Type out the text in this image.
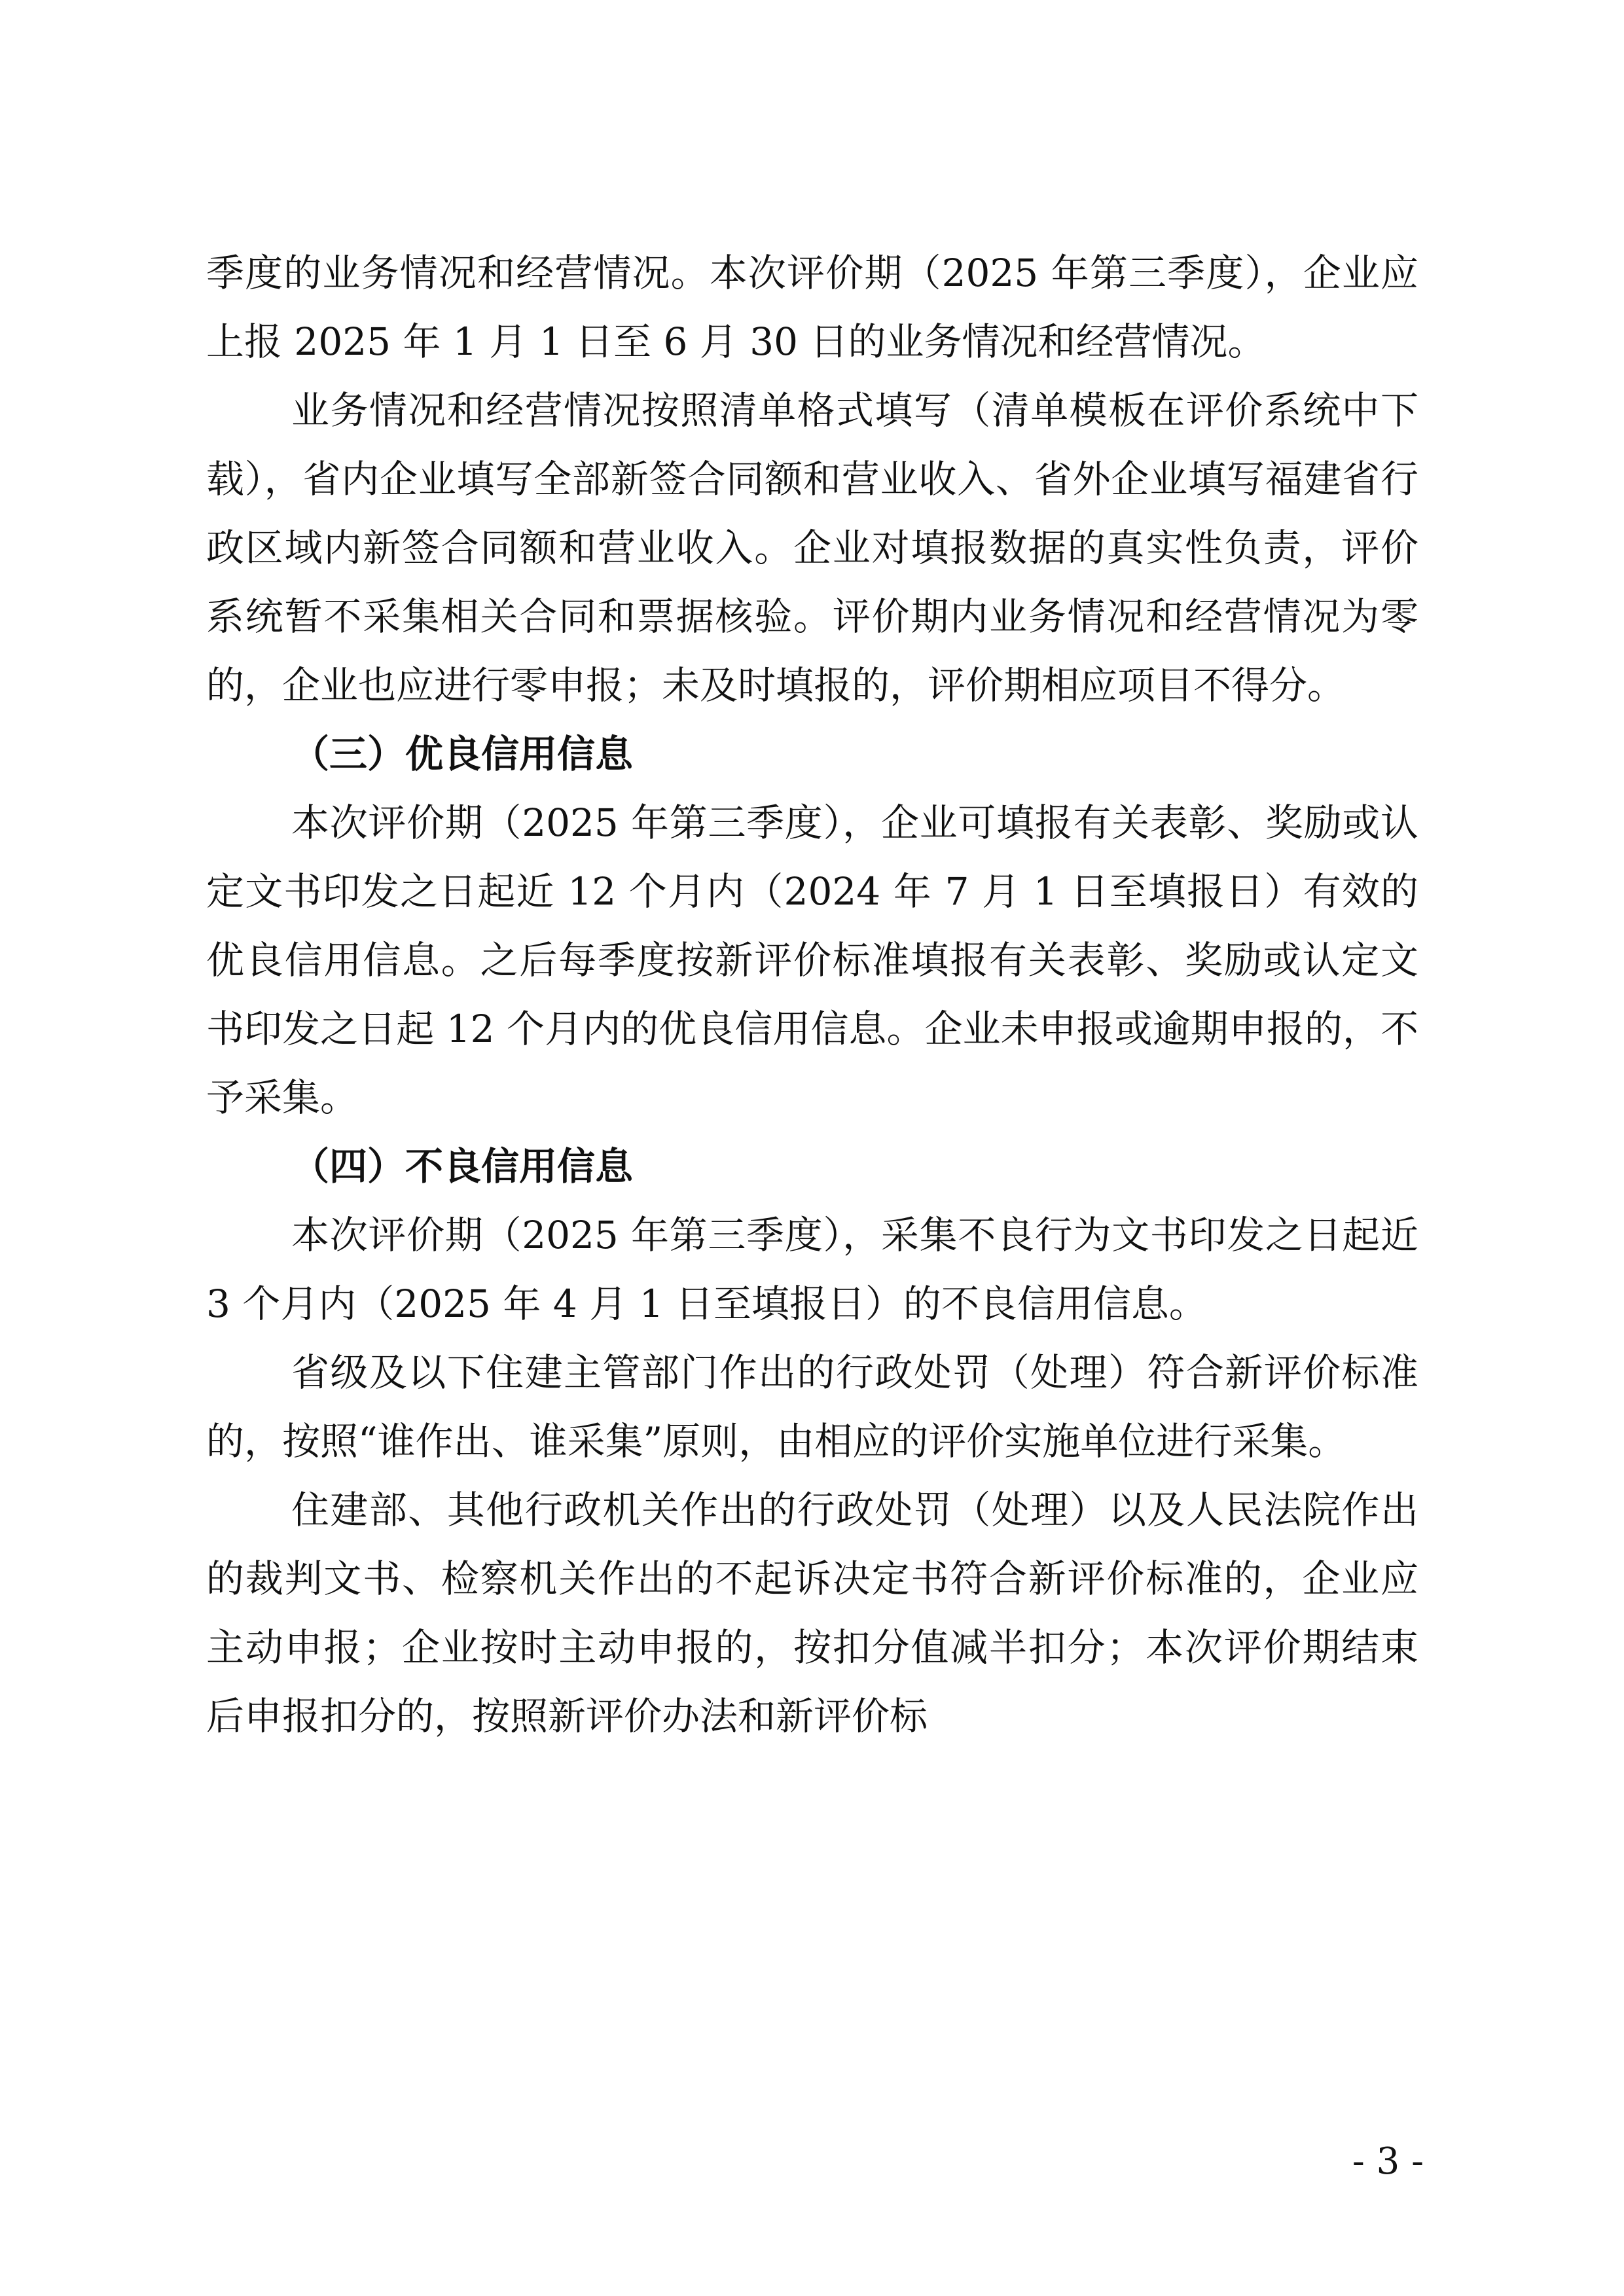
季度的业务情况和经营情况。本次评价期（2025 年第三季度），企业应上报 2025 年 1 月 1 日至 6 月 30 日的业务情况和经营情况。

业务情况和经营情况按照清单格式填写（清单模板在评价系统中下载），省内企业填写全部新签合同额和营业收入、省外企业填写福建省行政区域内新签合同额和营业收入。企业对填报数据的真实性负责，评价系统暂不采集相关合同和票据核验。评价期内业务情况和经营情况为零的，企业也应进行零申报；未及时填报的，评价期相应项目不得分。

（三）优良信用信息

本次评价期（2025 年第三季度），企业可填报有关表彰、奖励或认定文书印发之日起近 12 个月内（2024 年 7 月 1 日至填报日）有效的优良信用信息。之后每季度按新评价标准填报有关表彰、奖励或认定文书印发之日起 12 个月内的优良信用信息。企业未申报或逾期申报的，不予采集。

（四）不良信用信息

本次评价期（2025 年第三季度），采集不良行为文书印发之日起近 3 个月内（2025 年 4 月 1 日至填报日）的不良信用信息。

省级及以下住建主管部门作出的行政处罚（处理）符合新评价标准的，按照“谁作出、谁采集”原则，由相应的评价实施单位进行采集。

住建部、其他行政机关作出的行政处罚（处理）以及人民法院作出的裁判文书、检察机关作出的不起诉决定书符合新评价标准的，企业应主动申报；企业按时主动申报的，按扣分值减半扣分；本次评价期结束后申报扣分的，按照新评价办法和新评价标

- 3 -
